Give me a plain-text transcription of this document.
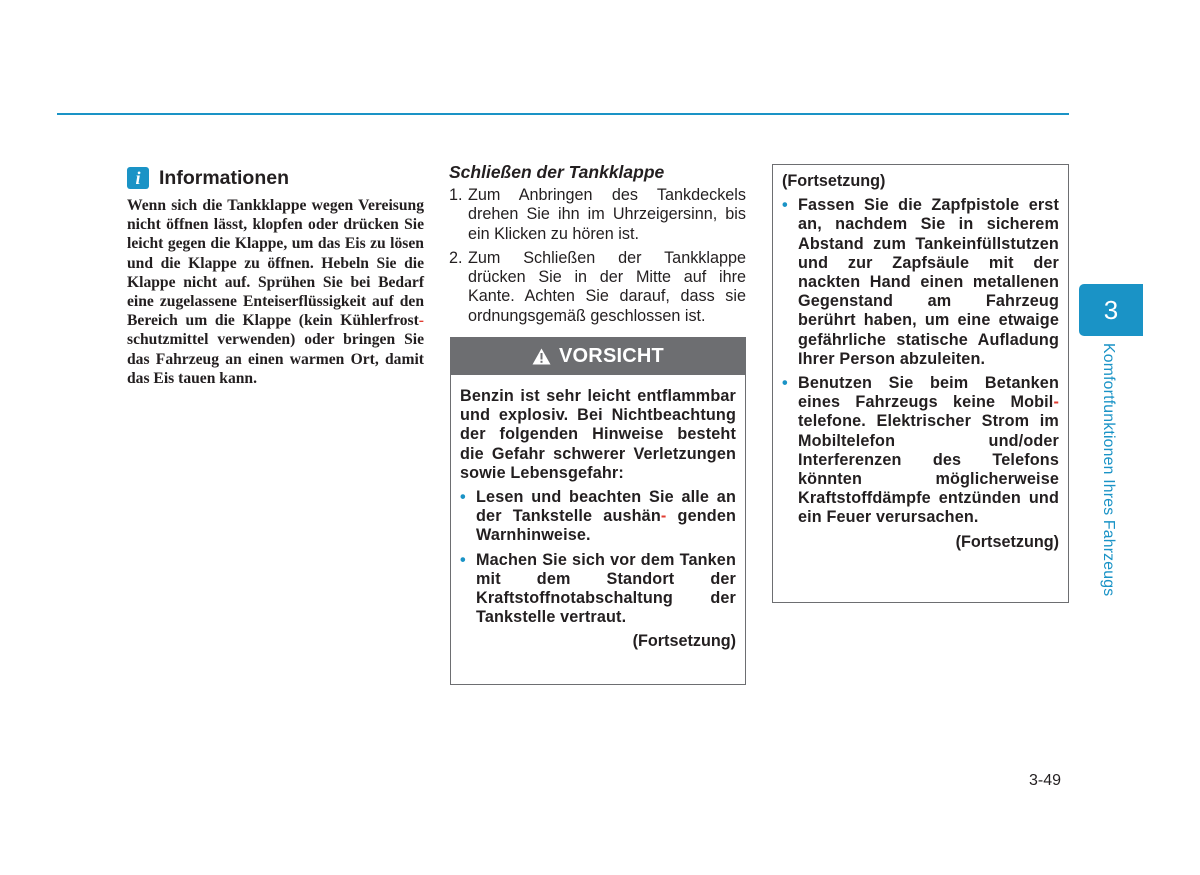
i Informationen
Wenn sich die Tankklappe wegen Vereisung nicht öffnen lässt, klopfen oder drücken Sie leicht gegen die Klappe, um das Eis zu lösen und die Klappe zu öffnen. Hebeln Sie die Klappe nicht auf. Sprühen Sie bei Bedarf eine zugelassene Enteiserflüssigkeit auf den Bereich um die Klappe (kein Kühlerfrost- schutzmittel verwenden) oder bringen Sie das Fahrzeug an einen warmen Ort, damit das Eis tauen kann.
Schließen der Tankklappe
1. Zum Anbringen des Tankdeckels drehen Sie ihn im Uhrzeigersinn, bis ein Klicken zu hören ist.
2. Zum Schließen der Tankklappe drücken Sie in der Mitte auf ihre Kante. Achten Sie darauf, dass sie ordnungsgemäß geschlossen ist.
VORSICHT
Benzin ist sehr leicht entflammbar und explosiv. Bei Nichtbeachtung der folgenden Hinweise besteht die Gefahr schwerer Verletzungen sowie Lebensgefahr:
• Lesen und beachten Sie alle an der Tankstelle aushän- genden Warnhinweise.
• Machen Sie sich vor dem Tanken mit dem Standort der Kraftstoffnotabschaltung der Tankstelle vertraut.
(Fortsetzung)
(Fortsetzung)
• Fassen Sie die Zapfpistole erst an, nachdem Sie in sicherem Abstand zum Tankeinfüllstutzen und zur Zapfsäule mit der nackten Hand einen metallenen Gegenstand am Fahrzeug berührt haben, um eine etwaige gefährliche statische Aufladung Ihrer Person abzuleiten.
• Benutzen Sie beim Betanken eines Fahrzeugs keine Mobil- telefone. Elektrischer Strom im Mobiltelefon und/oder Interferenzen des Telefons könnten möglicherweise Kraftstoffdämpfe entzünden und ein Feuer verursachen.
(Fortsetzung)
3
Komfortfunktionen Ihres Fahrzeugs
3-49
